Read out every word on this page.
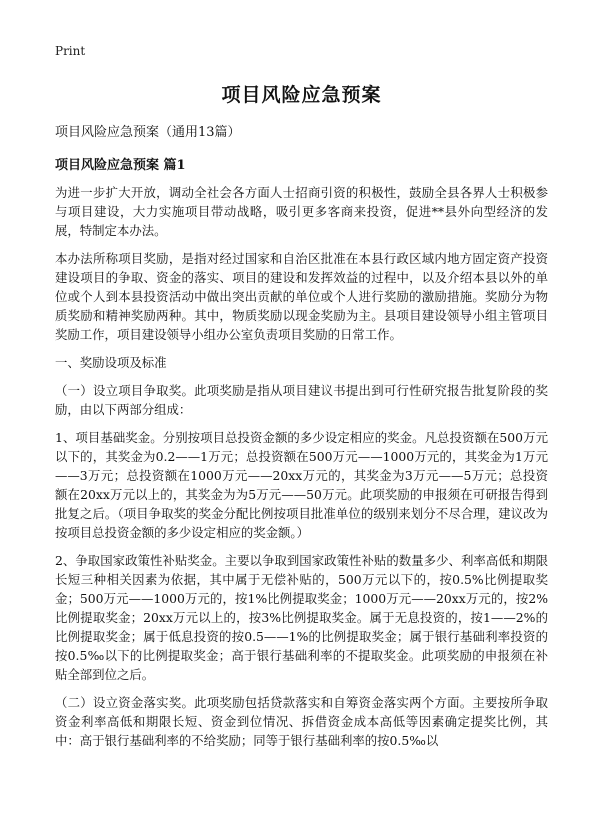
Print
项目风险应急预案
项目风险应急预案（通用13篇）
项目风险应急预案 篇1

为进一步扩大开放，调动全社会各方面人士招商引资的积极性，鼓励全县各界人士积极参与项目建设，大力实施项目带动战略，吸引更多客商来投资，促进**县外向型经济的发展，特制定本办法。

本办法所称项目奖励，是指对经过国家和自治区批准在本县行政区域内地方固定资产投资建设项目的争取、资金的落实、项目的建设和发挥效益的过程中，以及介绍本县以外的单位或个人到本县投资活动中做出突出贡献的单位或个人进行奖励的激励措施。奖励分为物质奖励和精神奖励两种。其中，物质奖励以现金奖励为主。县项目建设领导小组主管项目奖励工作，项目建设领导小组办公室负责项目奖励的日常工作。

一、奖励设项及标准

（一）设立项目争取奖。此项奖励是指从项目建议书提出到可行性研究报告批复阶段的奖励，由以下两部分组成：

1、项目基础奖金。分别按项目总投资金额的多少设定相应的奖金。凡总投资额在500万元以下的，其奖金为0.2——1万元；总投资额在500万元——1000万元的，其奖金为1万元——3万元；总投资额在1000万元——20xx万元的，其奖金为3万元——5万元；总投资额在20xx万元以上的，其奖金为为5万元——50万元。此项奖励的申报须在可研报告得到批复之后。（项目争取奖的奖金分配比例按项目批准单位的级别来划分不尽合理，建议改为按项目总投资金额的多少设定相应的奖金额。）

2、争取国家政策性补贴奖金。主要以争取到国家政策性补贴的数量多少、利率高低和期限长短三种相关因素为依据，其中属于无偿补贴的，500万元以下的，按0.5%比例提取奖金；500万元——1000万元的，按1%比例提取奖金；1000万元——20xx万元的，按2%比例提取奖金；20xx万元以上的，按3%比例提取奖金。属于无息投资的，按1——2%的比例提取奖金；属于低息投资的按0.5——1%的比例提取奖金；属于银行基础利率投资的按0.5‰以下的比例提取奖金；高于银行基础利率的不提取奖金。此项奖励的申报须在补贴全部到位之后。

（二）设立资金落实奖。此项奖励包括贷款落实和自筹资金落实两个方面。主要按所争取资金利率高低和期限长短、资金到位情况、拆借资金成本高低等因素确定提奖比例，其中：高于银行基础利率的不给奖励；同等于银行基础利率的按0.5‰以
